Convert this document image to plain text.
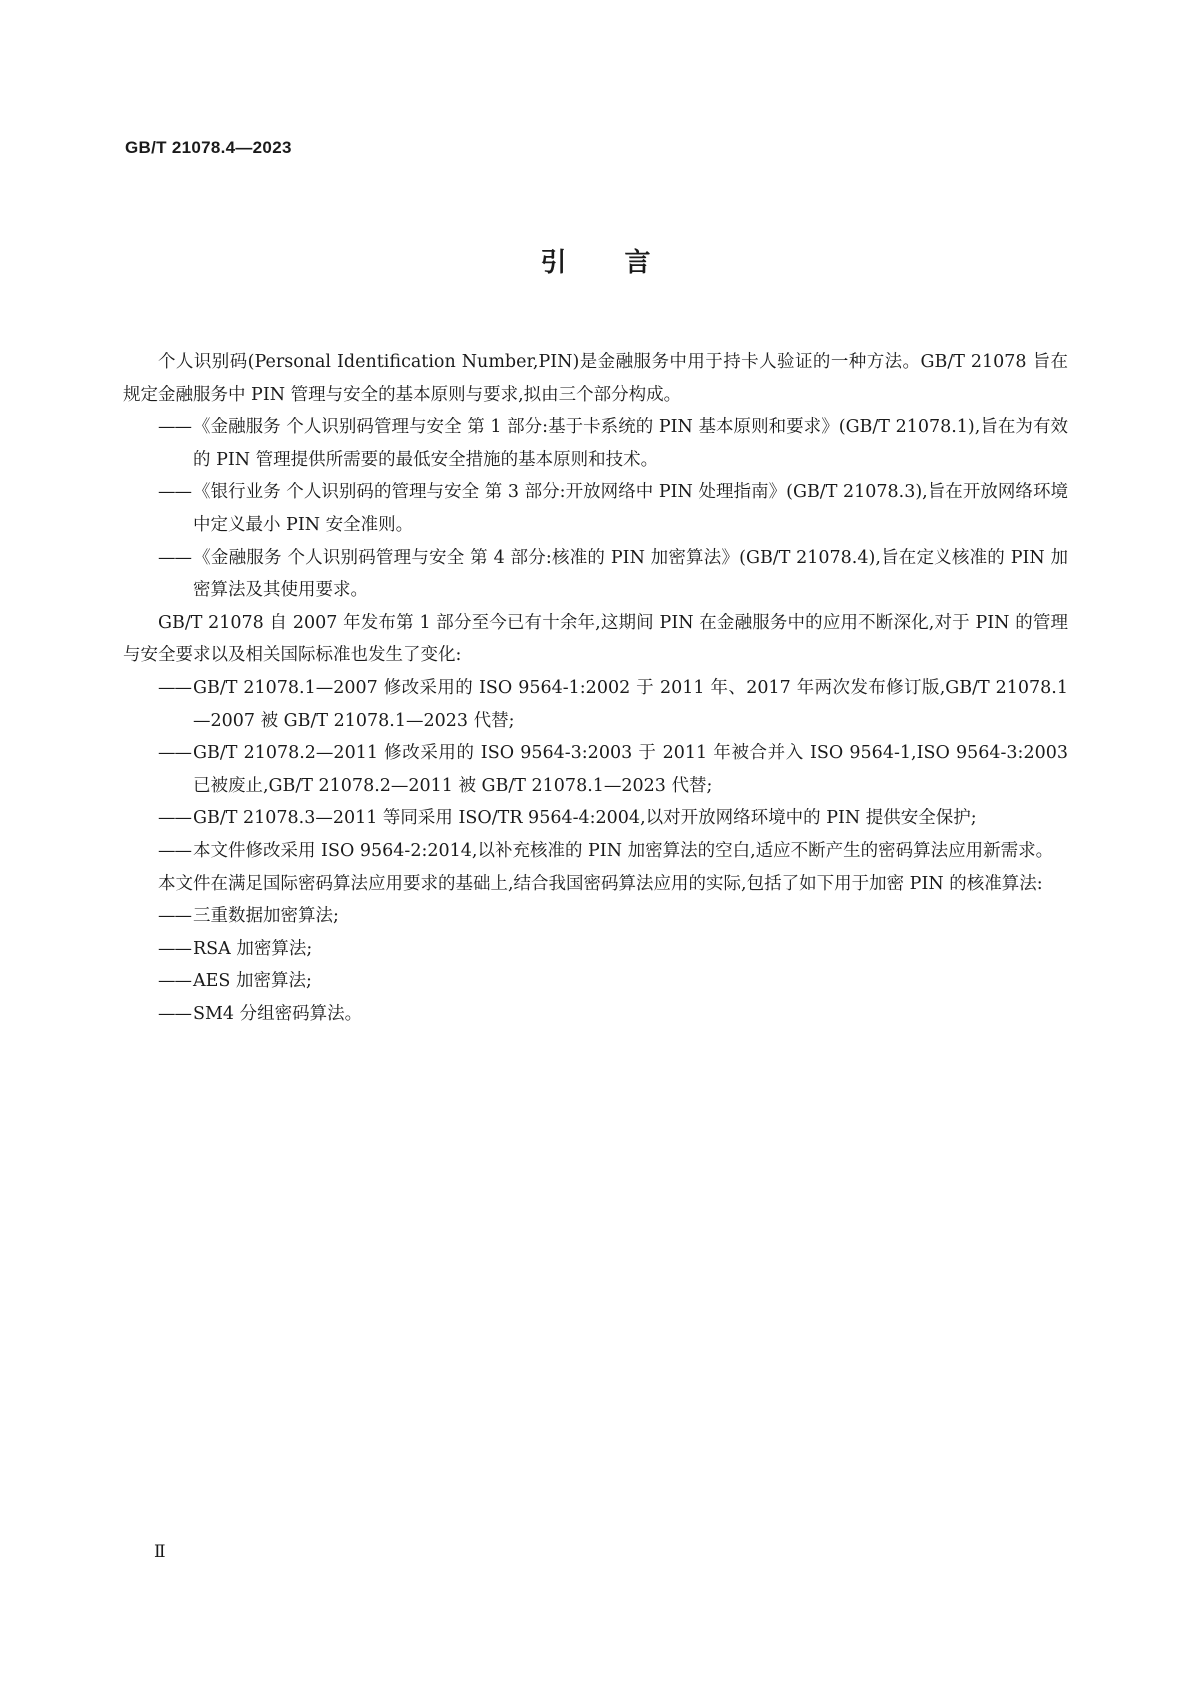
GB/T 21078.4—2023
引言

个人识别码(Personal Identification Number,PIN)是金融服务中用于持卡人验证的一种方法。GB/T 21078 旨在规定金融服务中 PIN 管理与安全的基本原则与要求,拟由三个部分构成。

—— 《金融服务 个人识别码管理与安全 第 1 部分:基于卡系统的 PIN 基本原则和要求》(GB/T 21078.1),旨在为有效的 PIN 管理提供所需要的最低安全措施的基本原则和技术。

—— 《银行业务 个人识别码的管理与安全 第 3 部分:开放网络中 PIN 处理指南》(GB/T 21078.3),旨在开放网络环境中定义最小 PIN 安全准则。

—— 《金融服务 个人识别码管理与安全 第 4 部分:核准的 PIN 加密算法》(GB/T 21078.4),旨在定义核准的 PIN 加密算法及其使用要求。

GB/T 21078 自 2007 年发布第 1 部分至今已有十余年,这期间 PIN 在金融服务中的应用不断深化,对于 PIN 的管理与安全要求以及相关国际标准也发生了变化:

—— GB/T 21078.1—2007 修改采用的 ISO 9564-1:2002 于 2011 年、2017 年两次发布修订版,GB/T 21078.1—2007 被 GB/T 21078.1—2023 代替;

—— GB/T 21078.2—2011 修改采用的 ISO 9564-3:2003 于 2011 年被合并入 ISO 9564-1,ISO 9564-3:2003 已被废止,GB/T 21078.2—2011 被 GB/T 21078.1—2023 代替;

—— GB/T 21078.3—2011 等同采用 ISO/TR 9564-4:2004,以对开放网络环境中的 PIN 提供安全保护;

—— 本文件修改采用 ISO 9564-2:2014,以补充核准的 PIN 加密算法的空白,适应不断产生的密码算法应用新需求。

本文件在满足国际密码算法应用要求的基础上,结合我国密码算法应用的实际,包括了如下用于加密 PIN 的核准算法:

—— 三重数据加密算法;

—— RSA 加密算法;

—— AES 加密算法;

—— SM4 分组密码算法。

Ⅱ
